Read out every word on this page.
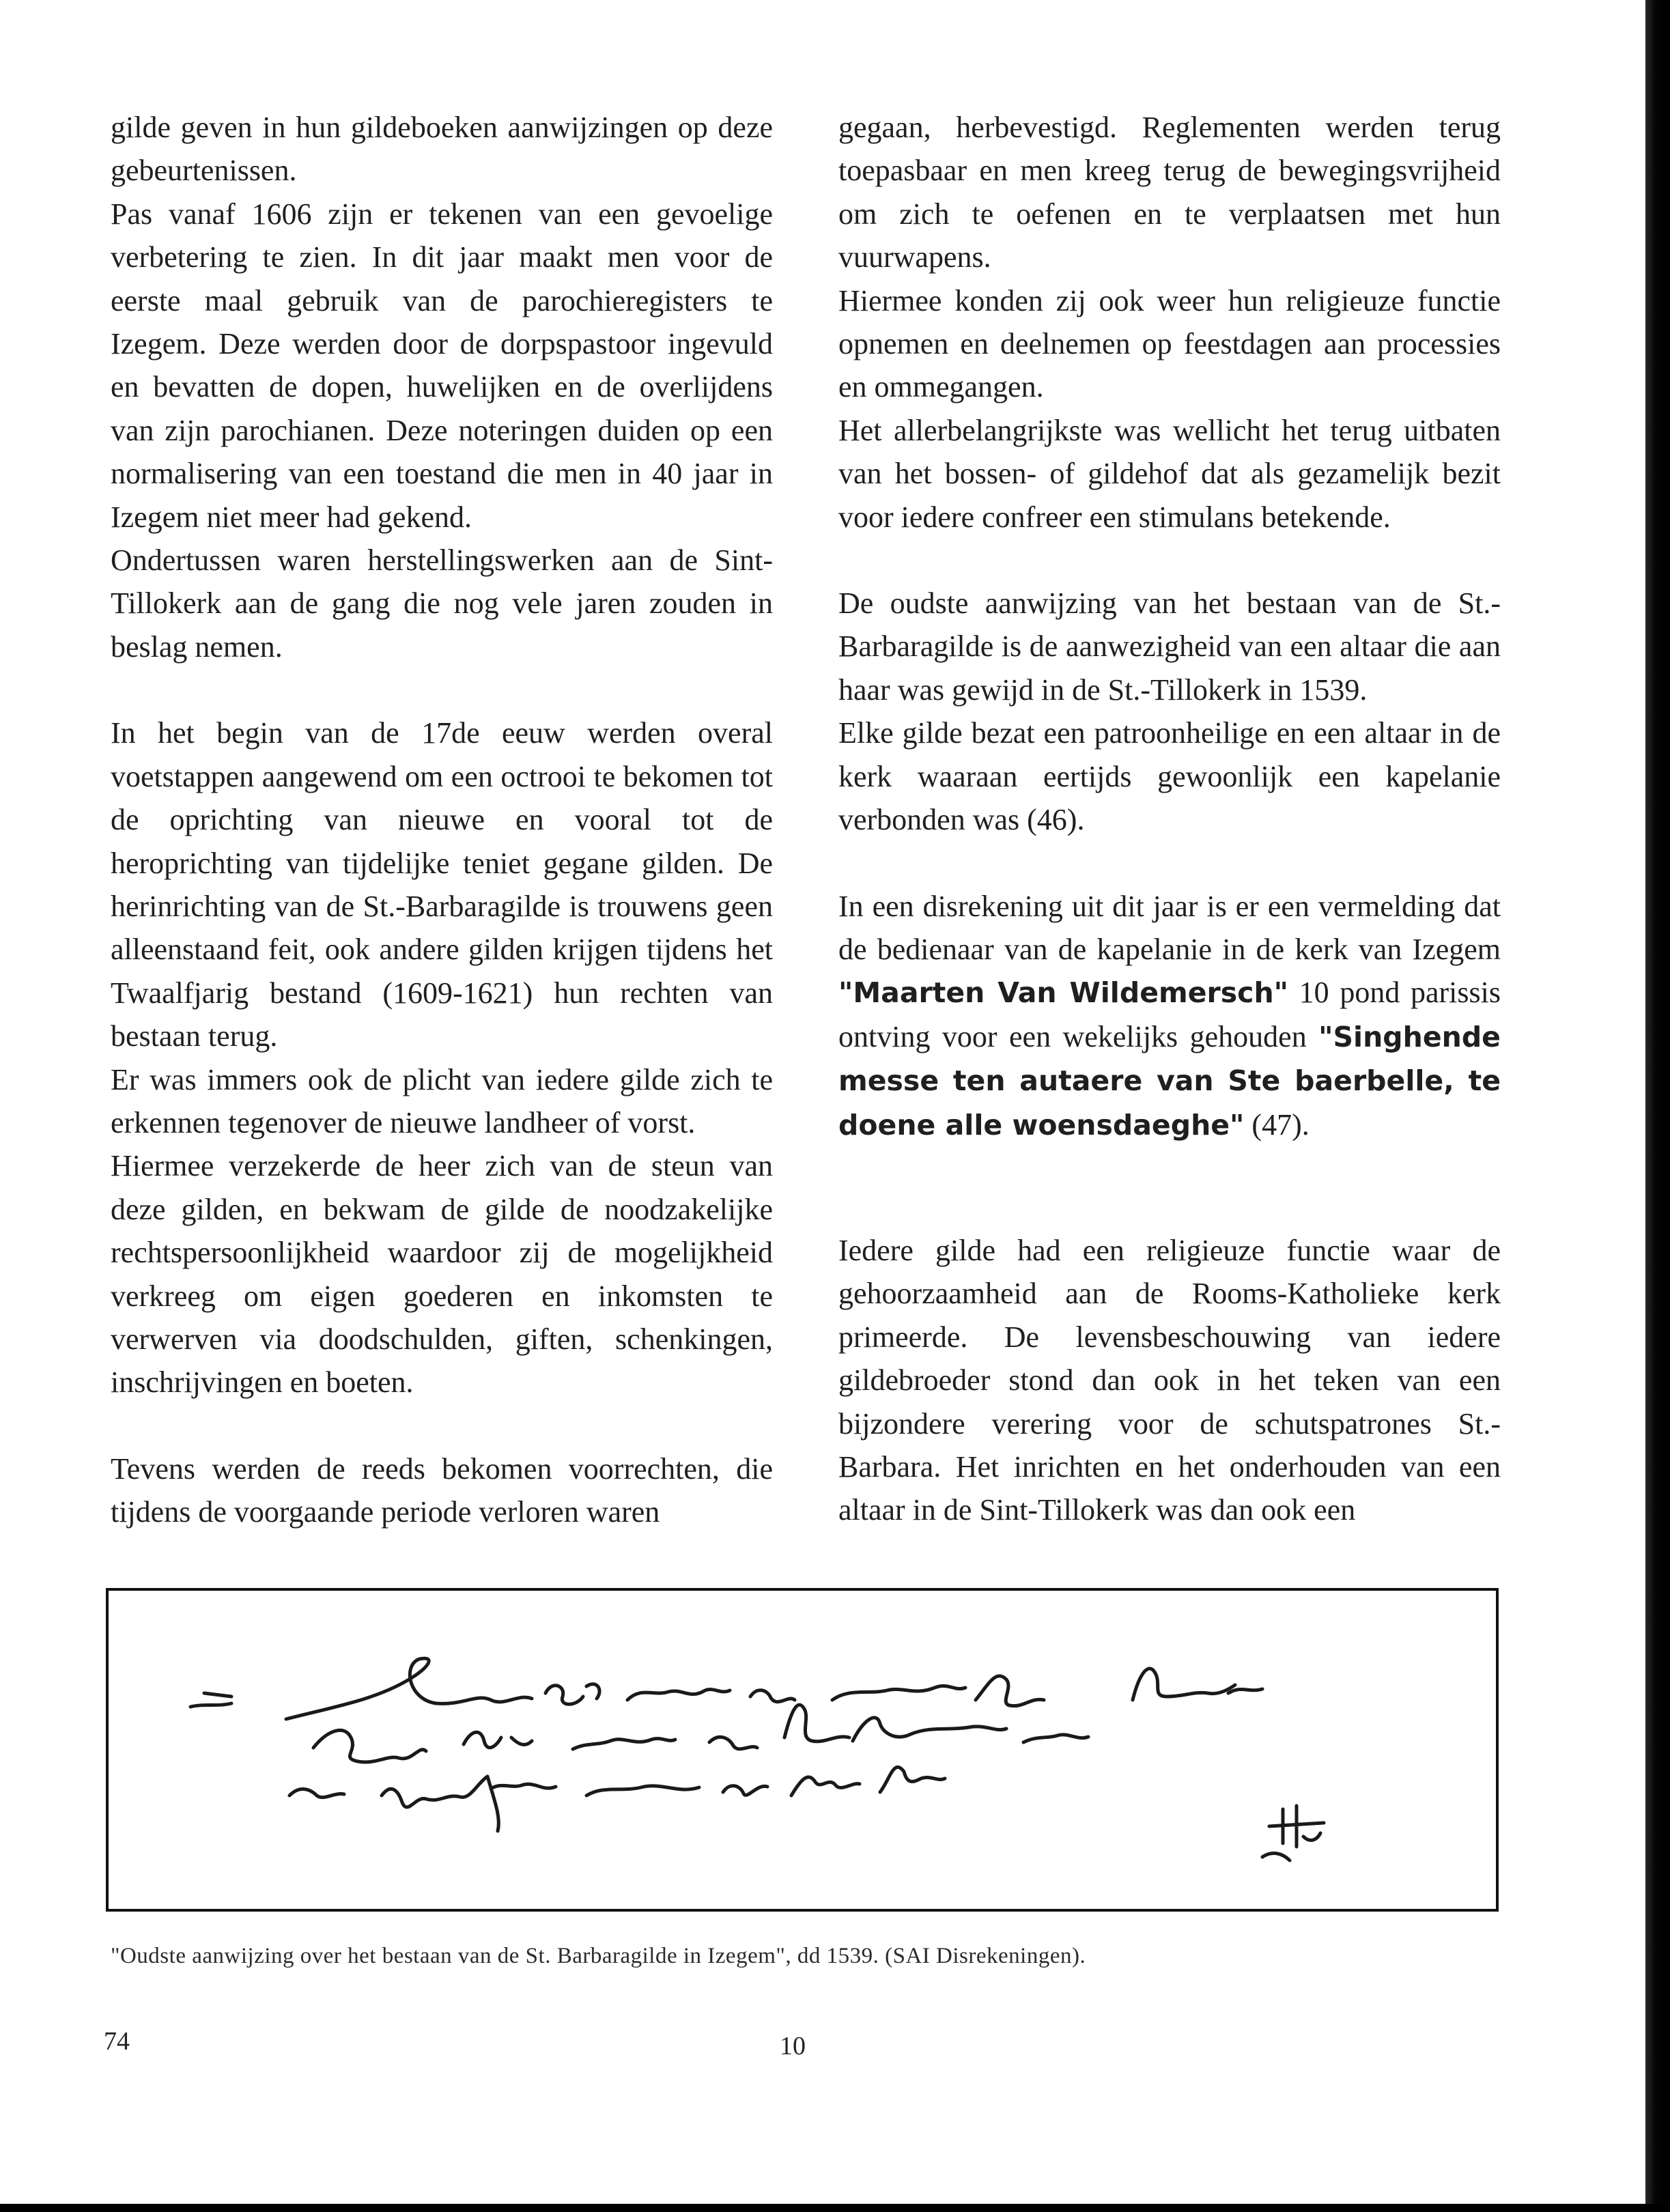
gilde geven in hun gildeboeken aanwijzingen op deze gebeurtenissen.

Pas vanaf 1606 zijn er tekenen van een gevoelige verbetering te zien. In dit jaar maakt men voor de eerste maal gebruik van de parochieregisters te Izegem. Deze werden door de dorpspastoor ingevuld en bevatten de dopen, huwelijken en de overlijdens van zijn parochianen. Deze noteringen duiden op een normalisering van een toestand die men in 40 jaar in Izegem niet meer had gekend.

Ondertussen waren herstellingswerken aan de Sint-Tillokerk aan de gang die nog vele jaren zouden in beslag nemen.

In het begin van de 17de eeuw werden overal voetstappen aangewend om een octrooi te bekomen tot de oprichting van nieuwe en vooral tot de heroprichting van tijdelijke teniet gegane gilden. De herinrichting van de St.-Barbaragilde is trouwens geen alleenstaand feit, ook andere gilden krijgen tijdens het Twaalfjarig bestand (1609-1621) hun rechten van bestaan terug.

Er was immers ook de plicht van iedere gilde zich te erkennen tegenover de nieuwe landheer of vorst.

Hiermee verzekerde de heer zich van de steun van deze gilden, en bekwam de gilde de noodzakelijke rechtspersoonlijkheid waardoor zij de mogelijkheid verkreeg om eigen goederen en inkomsten te verwerven via doodschulden, giften, schenkingen, inschrijvingen en boeten.

Tevens werden de reeds bekomen voorrechten, die tijdens de voorgaande periode verloren waren

gegaan, herbevestigd. Reglementen werden terug toepasbaar en men kreeg terug de bewegingsvrijheid om zich te oefenen en te verplaatsen met hun vuurwapens.

Hiermee konden zij ook weer hun religieuze functie opnemen en deelnemen op feestdagen aan processies en ommegangen.

Het allerbelangrijkste was wellicht het terug uitbaten van het bossen- of gildehof dat als gezamelijk bezit voor iedere confreer een stimulans betekende.

De oudste aanwijzing van het bestaan van de St.-Barbaragilde is de aanwezigheid van een altaar die aan haar was gewijd in de St.-Tillokerk in 1539.

Elke gilde bezat een patroonheilige en een altaar in de kerk waaraan eertijds gewoonlijk een kapelanie verbonden was (46).

In een disrekening uit dit jaar is er een vermelding dat de bedienaar van de kapelanie in de kerk van Izegem "Maarten Van Wildemersch" 10 pond parissis ontving voor een wekelijks gehouden "Singhende messe ten autaere van Ste baerbelle, te doene alle woensdaeghe" (47).

Iedere gilde had een religieuze functie waar de gehoorzaamheid aan de Rooms-Katholieke kerk primeerde. De levensbeschouwing van iedere gildebroeder stond dan ook in het teken van een bijzondere verering voor de schutspatrones St.-Barbara. Het inrichten en het onderhouden van een altaar in de Sint-Tillokerk was dan ook een

"Oudste aanwijzing over het bestaan van de St. Barbaragilde in Izegem", dd 1539. (SAI Disrekeningen).
74	10
